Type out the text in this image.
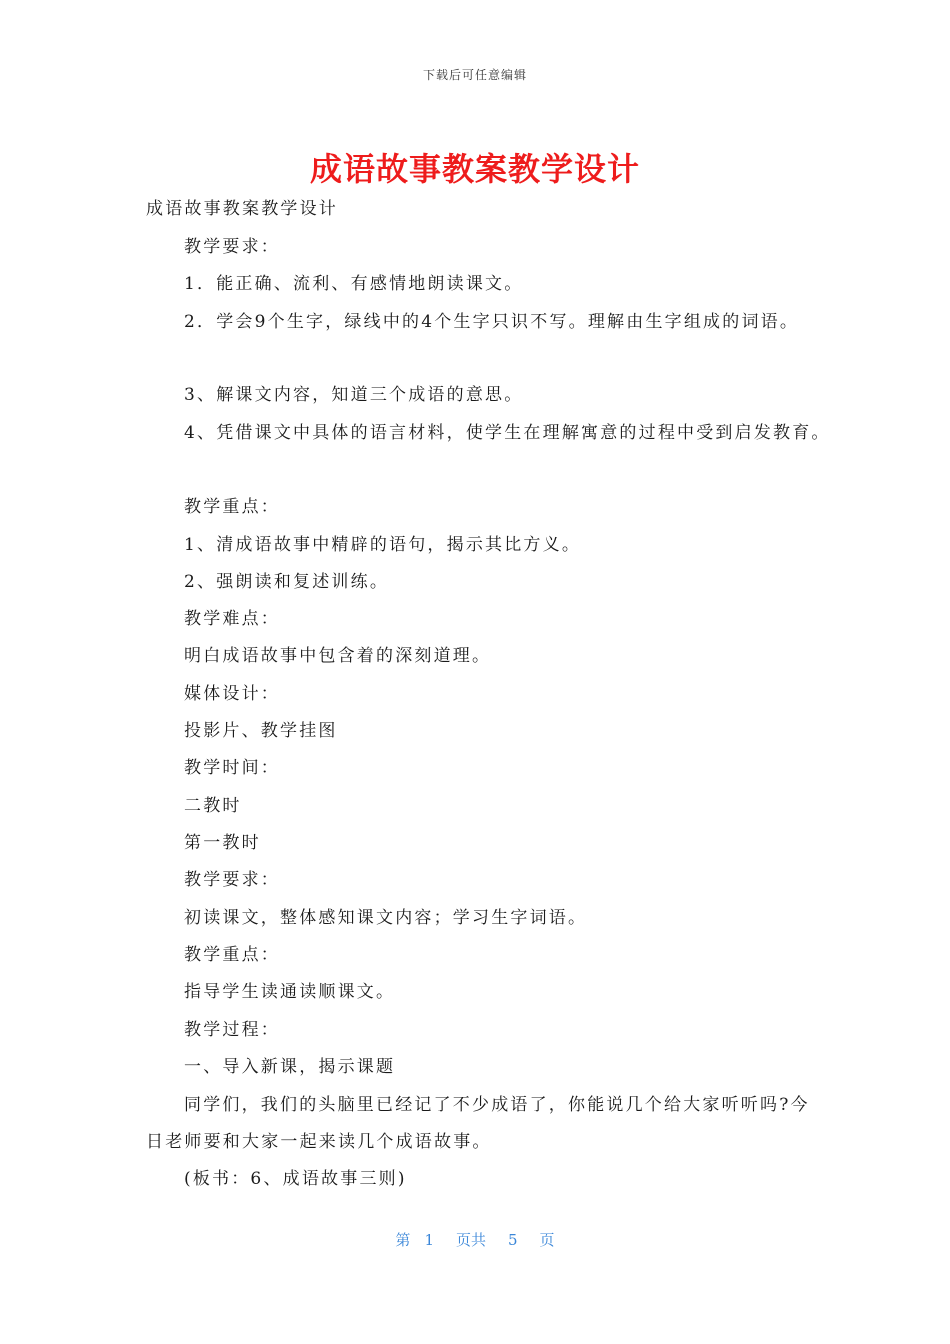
下载后可任意编辑
成语故事教案教学设计
成语故事教案教学设计
教学要求：
1．能正确、流利、有感情地朗读课文。
2．学会9个生字，绿线中的4个生字只识不写。理解由生字组成的词语。
3、解课文内容，知道三个成语的意思。
4、凭借课文中具体的语言材料，使学生在理解寓意的过程中受到启发教育。
教学重点：
1、清成语故事中精辟的语句，揭示其比方义。
2、强朗读和复述训练。
教学难点：
明白成语故事中包含着的深刻道理。
媒体设计：
投影片、教学挂图
教学时间：
二教时
第一教时
教学要求：
初读课文，整体感知课文内容；学习生字词语。
教学重点：
指导学生读通读顺课文。
教学过程：
一、导入新课，揭示课题
同学们，我们的头脑里已经记了不少成语了，你能说几个给大家听听吗?今
日老师要和大家一起来读几个成语故事。
(板书：6、成语故事三则)
第 1 页共 5 页
